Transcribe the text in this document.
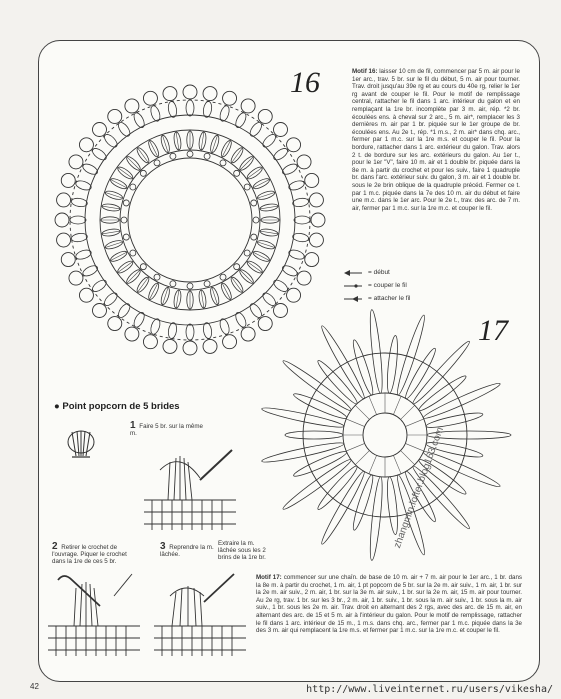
16	Motif 16: laisser 10 cm de fil, commencer par 5 m. air pour le 1er arc., trav. 5 br. sur le fil du début, 5 m. air pour tourner. Trav. droit jusqu'au 39e rg et au cours du 40e rg, relier le 1er rg avant de couper le fil. Pour le motif de remplissage central, rattacher le fil dans 1 arc. intérieur du galon et en remplaçant la 1re br. incomplète par 3 m. air, rép. *2 br. écoulées ens. à cheval sur 2 arc., 5 m. air*, remplacer les 3 dernières m. air par 1 br. piquée sur le 1er groupe de br. écoulées ens. Au 2e t., rép. *1 m.s., 2 m. air* dans chq. arc., fermer par 1 m.c. sur la 1re m.s. et couper le fil. Pour la bordure, rattacher dans 1 arc. extérieur du galon. Trav. alors 2 t. de bordure sur les arc. extérieurs du galon. Au 1er t., pour le 1er "V", faire 10 m. air et 1 double br. piquée dans la 8e m. à partir du crochet et pour les suiv., faire 1 quadruple br. dans l'arc. extérieur suiv. du galon, 3 m. air et 1 double br. sous le 2e brin oblique de la quadruple précéd. Fermer ce t. par 1 m.c. piquée dans la 7e des 10 m. air du début et faire une m.c. dans le 1er arc. Pour le 2e t., trav. des arc. de 7 m. air, fermer par 1 m.c. sur la 1re m.c. et couper le fil.

= début
= couper le fil
= attacher le fil
17
● Point popcorn de 5 brides
1 Faire 5 br. sur la même m.
2 Retirer le crochet de l'ouvrage. Piquer le crochet dans la 1re de ces 5 br.
3 Reprendre la m. lâchée.
Extraire la m. lâchée sous les 2 brins de la 1re br.

Motif 17: commencer sur une chaîn. de base de 10 m. air + 7 m. air pour le 1er arc., 1 br. dans la 8e m. à partir du crochet, 1 m. air, 1 pt popcorn de 5 br. sur la 2e m. air suiv., 1 m. air, 1 br. sur la 2e m. air suiv., 2 m. air, 1 br. sur la 3e m. air suiv., 1 br. sur la 2e m. air, 15 m. air pour tourner. Au 2e rg, trav. 1 br. sur les 3 br., 2 m. air, 1 br. suiv., 1 br. sous la m. air suiv., 1 br. sous la m. air suiv., 1 br. sous les 2e m. air. Trav. droit en alternant des 2 rgs, avec des arc. de 15 m. air, en alternant des arc. de 15 et 5 m. air à l'intérieur du galon. Pour le motif de remplissage, rattacher le fil dans 1 arc. intérieur de 15 m., 1 m.s. dans chq. arc., fermer par 1 m.c. piquée dans la 3e des 3 m. air qui remplacent la 1re m.s. et fermer par 1 m.c. sur la 1re m.c. et couper le fil.

zhangmin.lofter.blog163.com
42	http://www.liveinternet.ru/users/vikesha/
